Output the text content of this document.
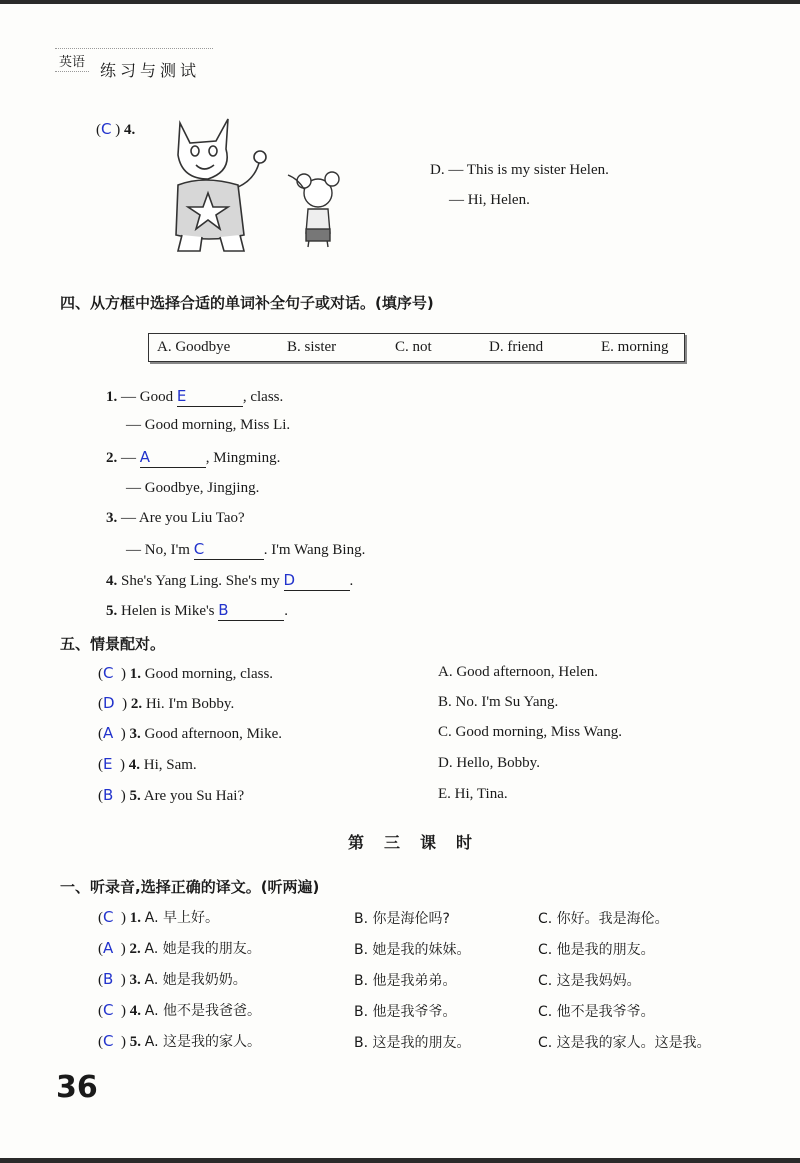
英语 练习与测试
(C ) 4.
D. — This is my sister Helen.
— Hi, Helen.
四、从方框中选择合适的单词补全句子或对话。(填序号)
A. Goodbye	B. sister	C. not	D. friend	E. morning
1. — Good E	, class.
— Good morning, Miss Li.
2. — A	, Mingming.
— Goodbye, Jingjing.
3. — Are you Liu Tao?
— No, I'm C	. I'm Wang Bing.
4. She's Yang Ling. She's my D	.
5. Helen is Mike's B	.
五、情景配对。
(C  ) 1. Good morning, class.	A. Good afternoon, Helen.
(D  ) 2. Hi. I'm Bobby.	B. No. I'm Su Yang.
(A  ) 3. Good afternoon, Mike.	C. Good morning, Miss Wang.
(E  ) 4. Hi, Sam.	D. Hello, Bobby.
(B  ) 5. Are you Su Hai?	E. Hi, Tina.
第三课时
一、听录音,选择正确的译文。(听两遍)
(C  ) 1. A. 早上好。	B. 你是海伦吗?	C. 你好。我是海伦。
(A  ) 2. A. 她是我的朋友。	B. 她是我的妹妹。	C. 他是我的朋友。
(B  ) 3. A. 她是我奶奶。	B. 他是我弟弟。	C. 这是我妈妈。
(C  ) 4. A. 他不是我爸爸。	B. 他是我爷爷。	C. 他不是我爷爷。
(C  ) 5. A. 这是我的家人。	B. 这是我的朋友。	C. 这是我的家人。这是我。
36
